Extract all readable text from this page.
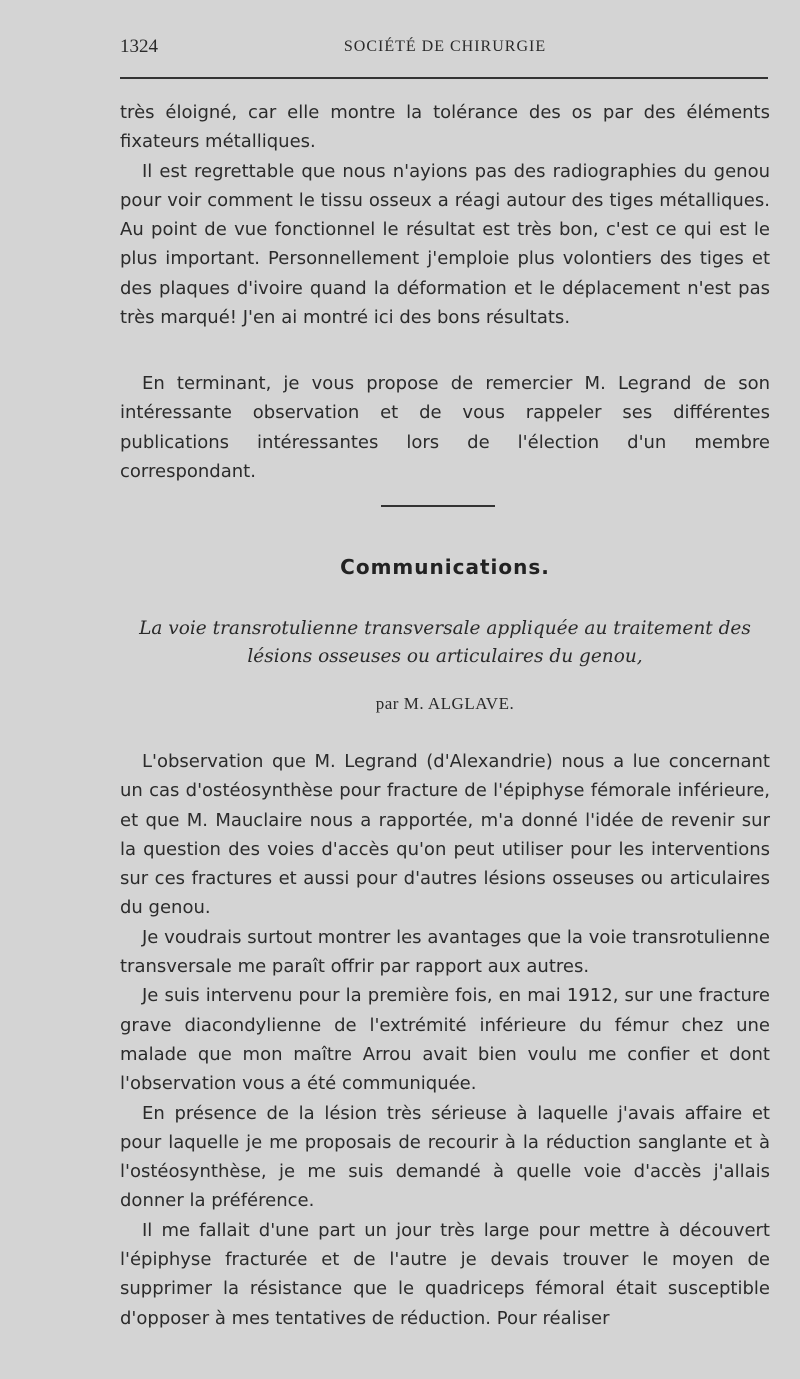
1324	SOCIÉTÉ DE CHIRURGIE

très éloigné, car elle montre la tolérance des os par des éléments fixateurs métalliques.

Il est regrettable que nous n'ayions pas des radiographies du genou pour voir comment le tissu osseux a réagi autour des tiges métalliques. Au point de vue fonctionnel le résultat est très bon, c'est ce qui est le plus important. Personnellement j'emploie plus volontiers des tiges et des plaques d'ivoire quand la déformation et le déplacement n'est pas très marqué! J'en ai montré ici des bons résultats.

En terminant, je vous propose de remercier M. Legrand de son intéressante observation et de vous rappeler ses différentes publications intéressantes lors de l'élection d'un membre correspondant.

Communications.
La voie transrotulienne transversale appliquée au traitement des
lésions osseuses ou articulaires du genou,
par M. ALGLAVE.

L'observation que M. Legrand (d'Alexandrie) nous a lue concernant un cas d'ostéosynthèse pour fracture de l'épiphyse fémorale inférieure, et que M. Mauclaire nous a rapportée, m'a donné l'idée de revenir sur la question des voies d'accès qu'on peut utiliser pour les interventions sur ces fractures et aussi pour d'autres lésions osseuses ou articulaires du genou.

Je voudrais surtout montrer les avantages que la voie transrotulienne transversale me paraît offrir par rapport aux autres.

Je suis intervenu pour la première fois, en mai 1912, sur une fracture grave diacondylienne de l'extrémité inférieure du fémur chez une malade que mon maître Arrou avait bien voulu me confier et dont l'observation vous a été communiquée.

En présence de la lésion très sérieuse à laquelle j'avais affaire et pour laquelle je me proposais de recourir à la réduction sanglante et à l'ostéosynthèse, je me suis demandé à quelle voie d'accès j'allais donner la préférence.

Il me fallait d'une part un jour très large pour mettre à découvert l'épiphyse fracturée et de l'autre je devais trouver le moyen de supprimer la résistance que le quadriceps fémoral était susceptible d'opposer à mes tentatives de réduction. Pour réaliser
